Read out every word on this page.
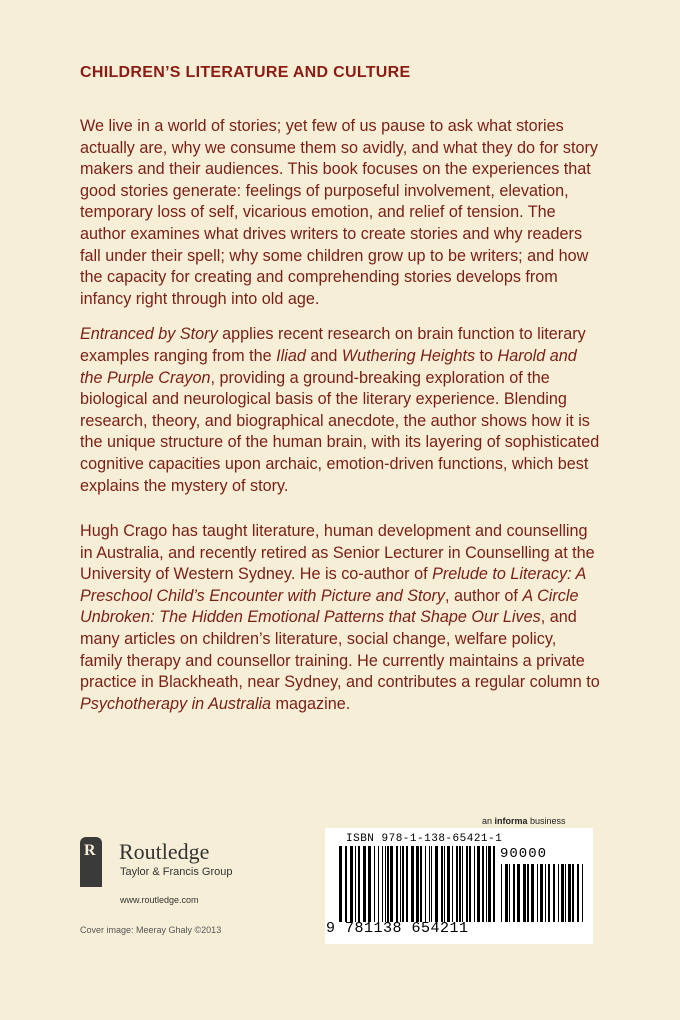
CHILDREN’S LITERATURE AND CULTURE

We live in a world of stories; yet few of us pause to ask what stories actually are, why we consume them so avidly, and what they do for story makers and their audiences. This book focuses on the experiences that good stories generate: feelings of purposeful involvement, elevation, temporary loss of self, vicarious emotion, and relief of tension. The author examines what drives writers to create stories and why readers fall under their spell; why some children grow up to be writers; and how the capacity for creating and comprehending stories develops from infancy right through into old age.

Entranced by Story applies recent research on brain function to literary examples ranging from the Iliad and Wuthering Heights to Harold and the Purple Crayon, providing a ground-breaking exploration of the biological and neurological basis of the literary experience. Blending research, theory, and biographical anecdote, the author shows how it is the unique structure of the human brain, with its layering of sophisticated cognitive capacities upon archaic, emotion-driven functions, which best explains the mystery of story.

Hugh Crago has taught literature, human development and counselling in Australia, and recently retired as Senior Lecturer in Counselling at the University of Western Sydney. He is co-author of Prelude to Literacy: A Preschool Child’s Encounter with Picture and Story, author of A Circle Unbroken: The Hidden Emotional Patterns that Shape Our Lives, and many articles on children’s literature, social change, welfare policy, family therapy and counsellor training. He currently maintains a private practice in Blackheath, near Sydney, and contributes a regular column to Psychotherapy in Australia magazine.

an informa business
R Routledge
Taylor & Francis Group
www.routledge.com
Cover image: Meeray Ghaly ©2013
ISBN 978-1-138-65421-1
90000
9 781138 654211
